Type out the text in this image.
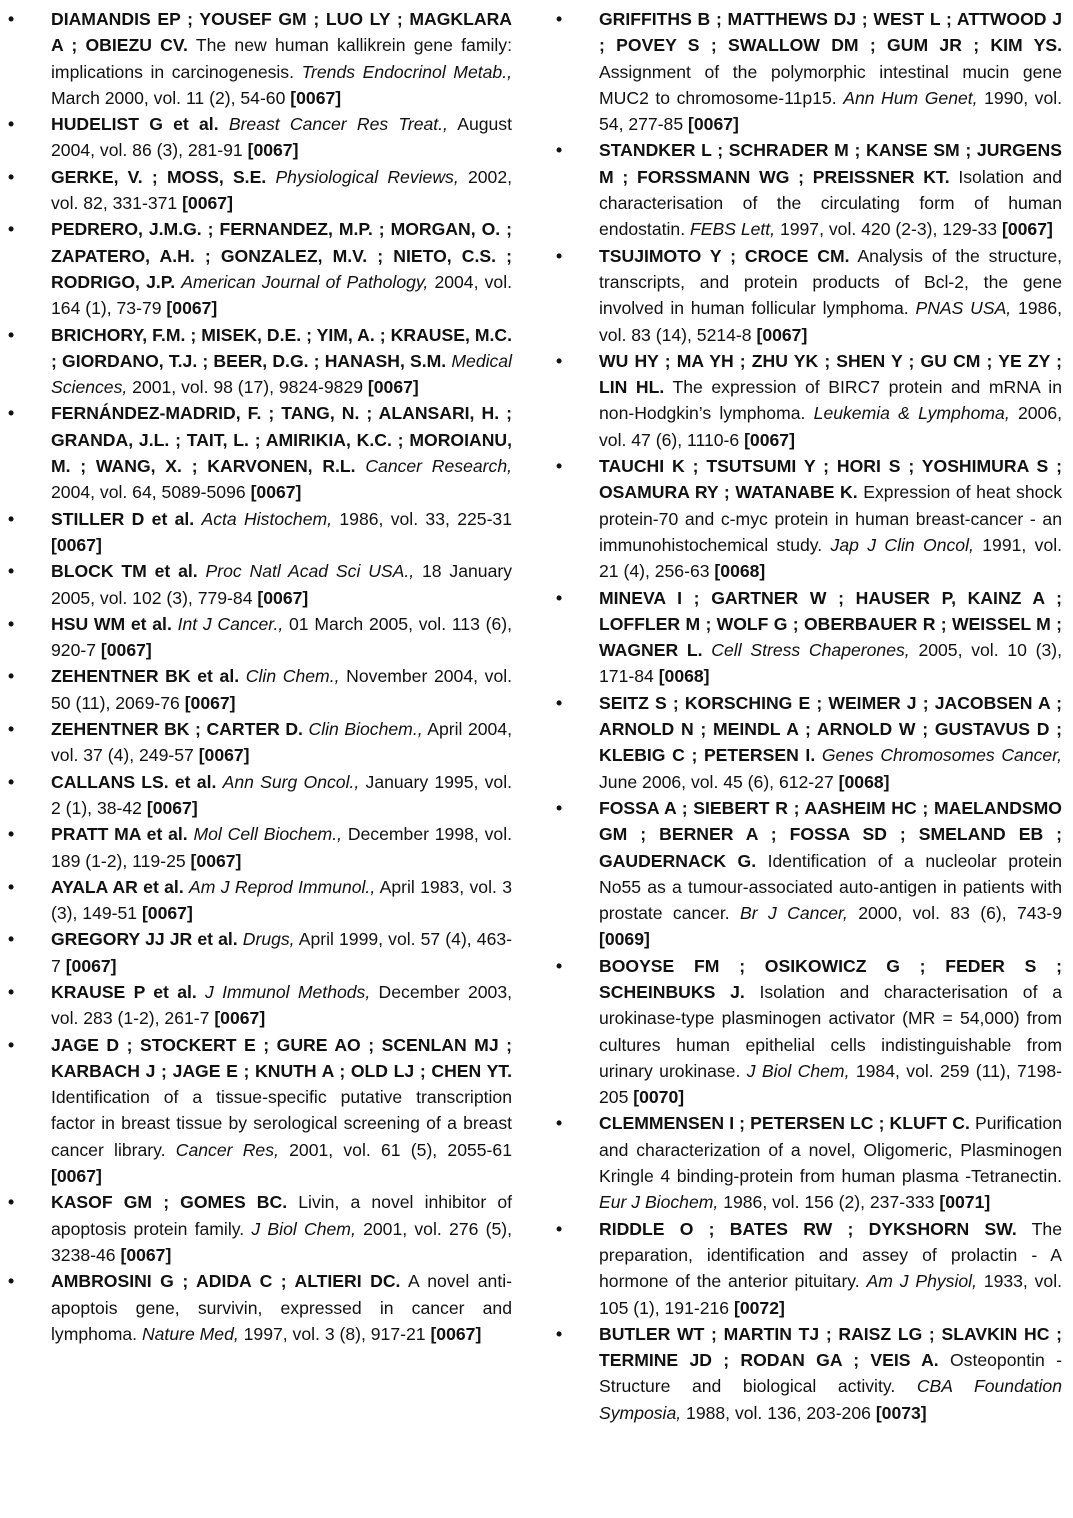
• DIAMANDIS EP ; YOUSEF GM ; LUO LY ; MAGKLARA A ; OBIEZU CV. The new human kallikrein gene family: implications in carcinogenesis. Trends Endocrinol Metab., March 2000, vol. 11 (2), 54-60 [0067]
• HUDELIST G et al. Breast Cancer Res Treat., August 2004, vol. 86 (3), 281-91 [0067]
• GERKE, V. ; MOSS, S.E. Physiological Reviews, 2002, vol. 82, 331-371 [0067]
• PEDRERO, J.M.G. ; FERNANDEZ, M.P. ; MORGAN, O. ; ZAPATERO, A.H. ; GONZALEZ, M.V. ; NIETO, C.S. ; RODRIGO, J.P. American Journal of Pathology, 2004, vol. 164 (1), 73-79 [0067]
• BRICHORY, F.M. ; MISEK, D.E. ; YIM, A. ; KRAUSE, M.C. ; GIORDANO, T.J. ; BEER, D.G. ; HANASH, S.M. Medical Sciences, 2001, vol. 98 (17), 9824-9829 [0067]
• FERNÁNDEZ-MADRID, F. ; TANG, N. ; ALANSARI, H. ; GRANDA, J.L. ; TAIT, L. ; AMIRIKIA, K.C. ; MOROIANU, M. ; WANG, X. ; KARVONEN, R.L. Cancer Research, 2004, vol. 64, 5089-5096 [0067]
• STILLER D et al. Acta Histochem, 1986, vol. 33, 225-31 [0067]
• BLOCK TM et al. Proc Natl Acad Sci USA., 18 January 2005, vol. 102 (3), 779-84 [0067]
• HSU WM et al. Int J Cancer., 01 March 2005, vol. 113 (6), 920-7 [0067]
• ZEHENTNER BK et al. Clin Chem., November 2004, vol. 50 (11), 2069-76 [0067]
• ZEHENTNER BK ; CARTER D. Clin Biochem., April 2004, vol. 37 (4), 249-57 [0067]
• CALLANS LS. et al. Ann Surg Oncol., January 1995, vol. 2 (1), 38-42 [0067]
• PRATT MA et al. Mol Cell Biochem., December 1998, vol. 189 (1-2), 119-25 [0067]
• AYALA AR et al. Am J Reprod Immunol., April 1983, vol. 3 (3), 149-51 [0067]
• GREGORY JJ JR et al. Drugs, April 1999, vol. 57 (4), 463-7 [0067]
• KRAUSE P et al. J Immunol Methods, December 2003, vol. 283 (1-2), 261-7 [0067]
• JAGE D ; STOCKERT E ; GURE AO ; SCENLAN MJ ; KARBACH J ; JAGE E ; KNUTH A ; OLD LJ ; CHEN YT. Identification of a tissue-specific putative transcription factor in breast tissue by serological screening of a breast cancer library. Cancer Res, 2001, vol. 61 (5), 2055-61 [0067]
• KASOF GM ; GOMES BC. Livin, a novel inhibitor of apoptosis protein family. J Biol Chem, 2001, vol. 276 (5), 3238-46 [0067]
• AMBROSINI G ; ADIDA C ; ALTIERI DC. A novel anti-apoptois gene, survivin, expressed in cancer and lymphoma. Nature Med, 1997, vol. 3 (8), 917-21 [0067]
• GRIFFITHS B ; MATTHEWS DJ ; WEST L ; ATTWOOD J ; POVEY S ; SWALLOW DM ; GUM JR ; KIM YS. Assignment of the polymorphic intestinal mucin gene MUC2 to chromosome-11p15. Ann Hum Genet, 1990, vol. 54, 277-85 [0067]
• STANDKER L ; SCHRADER M ; KANSE SM ; JURGENS M ; FORSSMANN WG ; PREISSNER KT. Isolation and characterisation of the circulating form of human endostatin. FEBS Lett, 1997, vol. 420 (2-3), 129-33 [0067]
• TSUJIMOTO Y ; CROCE CM. Analysis of the structure, transcripts, and protein products of Bcl-2, the gene involved in human follicular lymphoma. PNAS USA, 1986, vol. 83 (14), 5214-8 [0067]
• WU HY ; MA YH ; ZHU YK ; SHEN Y ; GU CM ; YE ZY ; LIN HL. The expression of BIRC7 protein and mRNA in non-Hodgkin’s lymphoma. Leukemia & Lymphoma, 2006, vol. 47 (6), 1110-6 [0067]
• TAUCHI K ; TSUTSUMI Y ; HORI S ; YOSHIMURA S ; OSAMURA RY ; WATANABE K. Expression of heat shock protein-70 and c-myc protein in human breast-cancer - an immunohistochemical study. Jap J Clin Oncol, 1991, vol. 21 (4), 256-63 [0068]
• MINEVA I ; GARTNER W ; HAUSER P, KAINZ A ; LOFFLER M ; WOLF G ; OBERBAUER R ; WEISSEL M ; WAGNER L. Cell Stress Chaperones, 2005, vol. 10 (3), 171-84 [0068]
• SEITZ S ; KORSCHING E ; WEIMER J ; JACOBSEN A ; ARNOLD N ; MEINDL A ; ARNOLD W ; GUSTAVUS D ; KLEBIG C ; PETERSEN I. Genes Chromosomes Cancer, June 2006, vol. 45 (6), 612-27 [0068]
• FOSSA A ; SIEBERT R ; AASHEIM HC ; MAELANDSMO GM ; BERNER A ; FOSSA SD ; SMELAND EB ; GAUDERNACK G. Identification of a nucleolar protein No55 as a tumour-associated auto-antigen in patients with prostate cancer. Br J Cancer, 2000, vol. 83 (6), 743-9 [0069]
• BOOYSE FM ; OSIKOWICZ G ; FEDER S ; SCHEINBUKS J. Isolation and characterisation of a urokinase-type plasminogen activator (MR = 54,000) from cultures human epithelial cells indistinguishable from urinary urokinase. J Biol Chem, 1984, vol. 259 (11), 7198-205 [0070]
• CLEMMENSEN I ; PETERSEN LC ; KLUFT C. Purification and characterization of a novel, Oligomeric, Plasminogen Kringle 4 binding-protein from human plasma -Tetranectin. Eur J Biochem, 1986, vol. 156 (2), 237-333 [0071]
• RIDDLE O ; BATES RW ; DYKSHORN SW. The preparation, identification and assey of prolactin - A hormone of the anterior pituitary. Am J Physiol, 1933, vol. 105 (1), 191-216 [0072]
• BUTLER WT ; MARTIN TJ ; RAISZ LG ; SLAVKIN HC ; TERMINE JD ; RODAN GA ; VEIS A. Osteopontin - Structure and biological activity. CBA Foundation Symposia, 1988, vol. 136, 203-206 [0073]
